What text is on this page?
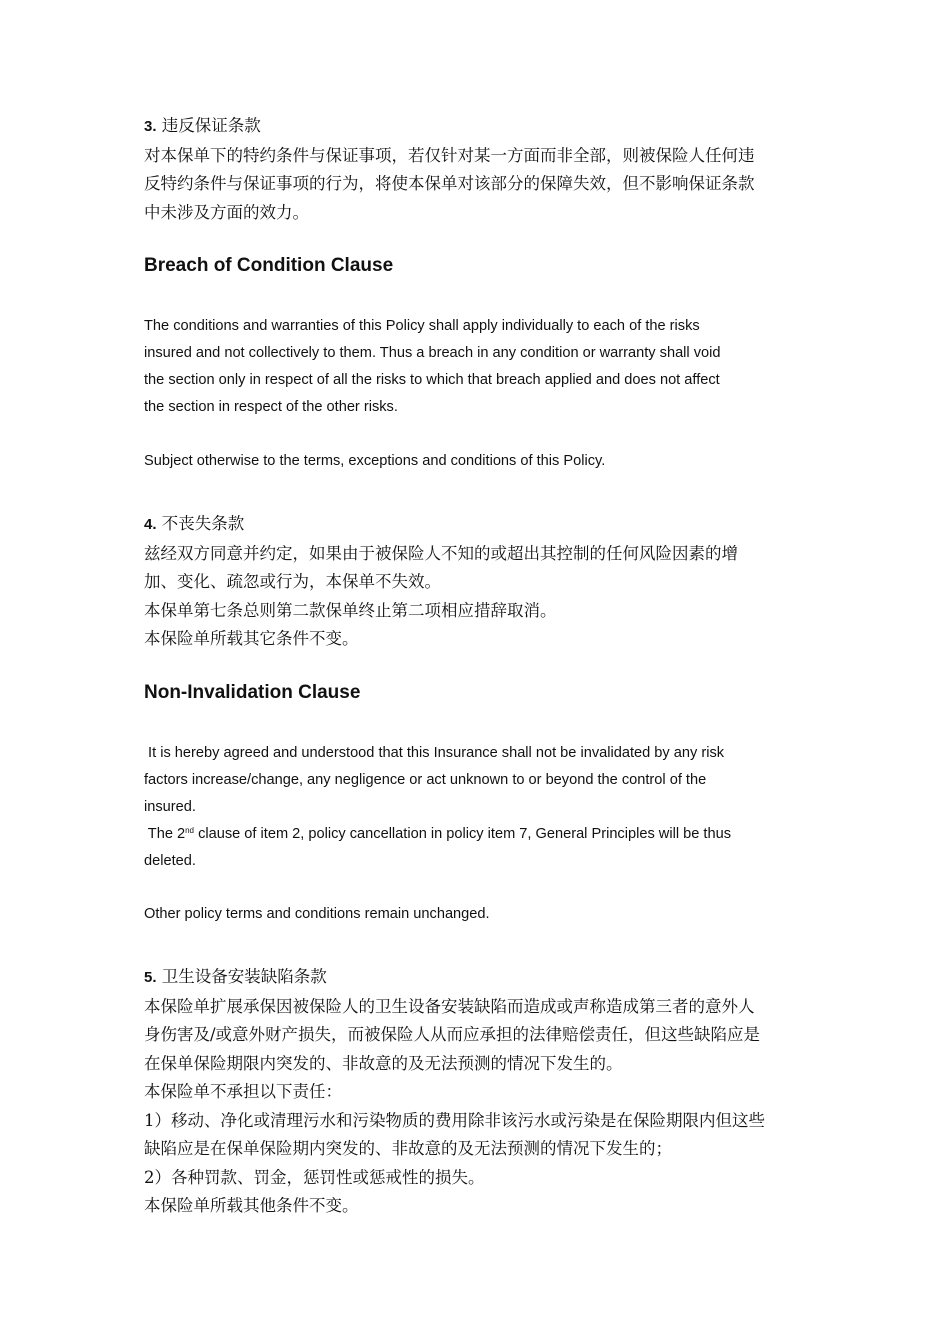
3. 违反保证条款

对本保单下的特约条件与保证事项，若仅针对某一方面而非全部，则被保险人任何违

反特约条件与保证事项的行为，将使本保单对该部分的保障失效，但不影响保证条款

中未涉及方面的效力。

Breach of Condition Clause

The conditions and warranties of this Policy shall apply individually to each of the risks

insured and not collectively to them. Thus a breach in any condition or warranty shall void

the section only in respect of all the risks to which that breach applied and does not affect

the section in respect of the other risks.

Subject otherwise to the terms, exceptions and conditions of this Policy.

4. 不丧失条款

兹经双方同意并约定，如果由于被保险人不知的或超出其控制的任何风险因素的增

加、变化、疏忽或行为，本保单不失效。

本保单第七条总则第二款保单终止第二项相应措辞取消。

本保险单所载其它条件不变。

Non-Invalidation Clause

It is hereby agreed and understood that this Insurance shall not be invalidated by any risk

factors increase/change, any negligence or act unknown to or beyond the control of the

insured.

The 2nd clause of item 2, policy cancellation in policy item 7, General Principles will be thus

deleted.

Other policy terms and conditions remain unchanged.

5. 卫生设备安装缺陷条款

本保险单扩展承保因被保险人的卫生设备安装缺陷而造成或声称造成第三者的意外人

身伤害及/或意外财产损失，而被保险人从而应承担的法律赔偿责任，但这些缺陷应是

在保单保险期限内突发的、非故意的及无法预测的情况下发生的。

本保险单不承担以下责任：

1）移动、净化或清理污水和污染物质的费用除非该污水或污染是在保险期限内但这些

缺陷应是在保单保险期内突发的、非故意的及无法预测的情况下发生的；

2）各种罚款、罚金，惩罚性或惩戒性的损失。

本保险单所载其他条件不变。
